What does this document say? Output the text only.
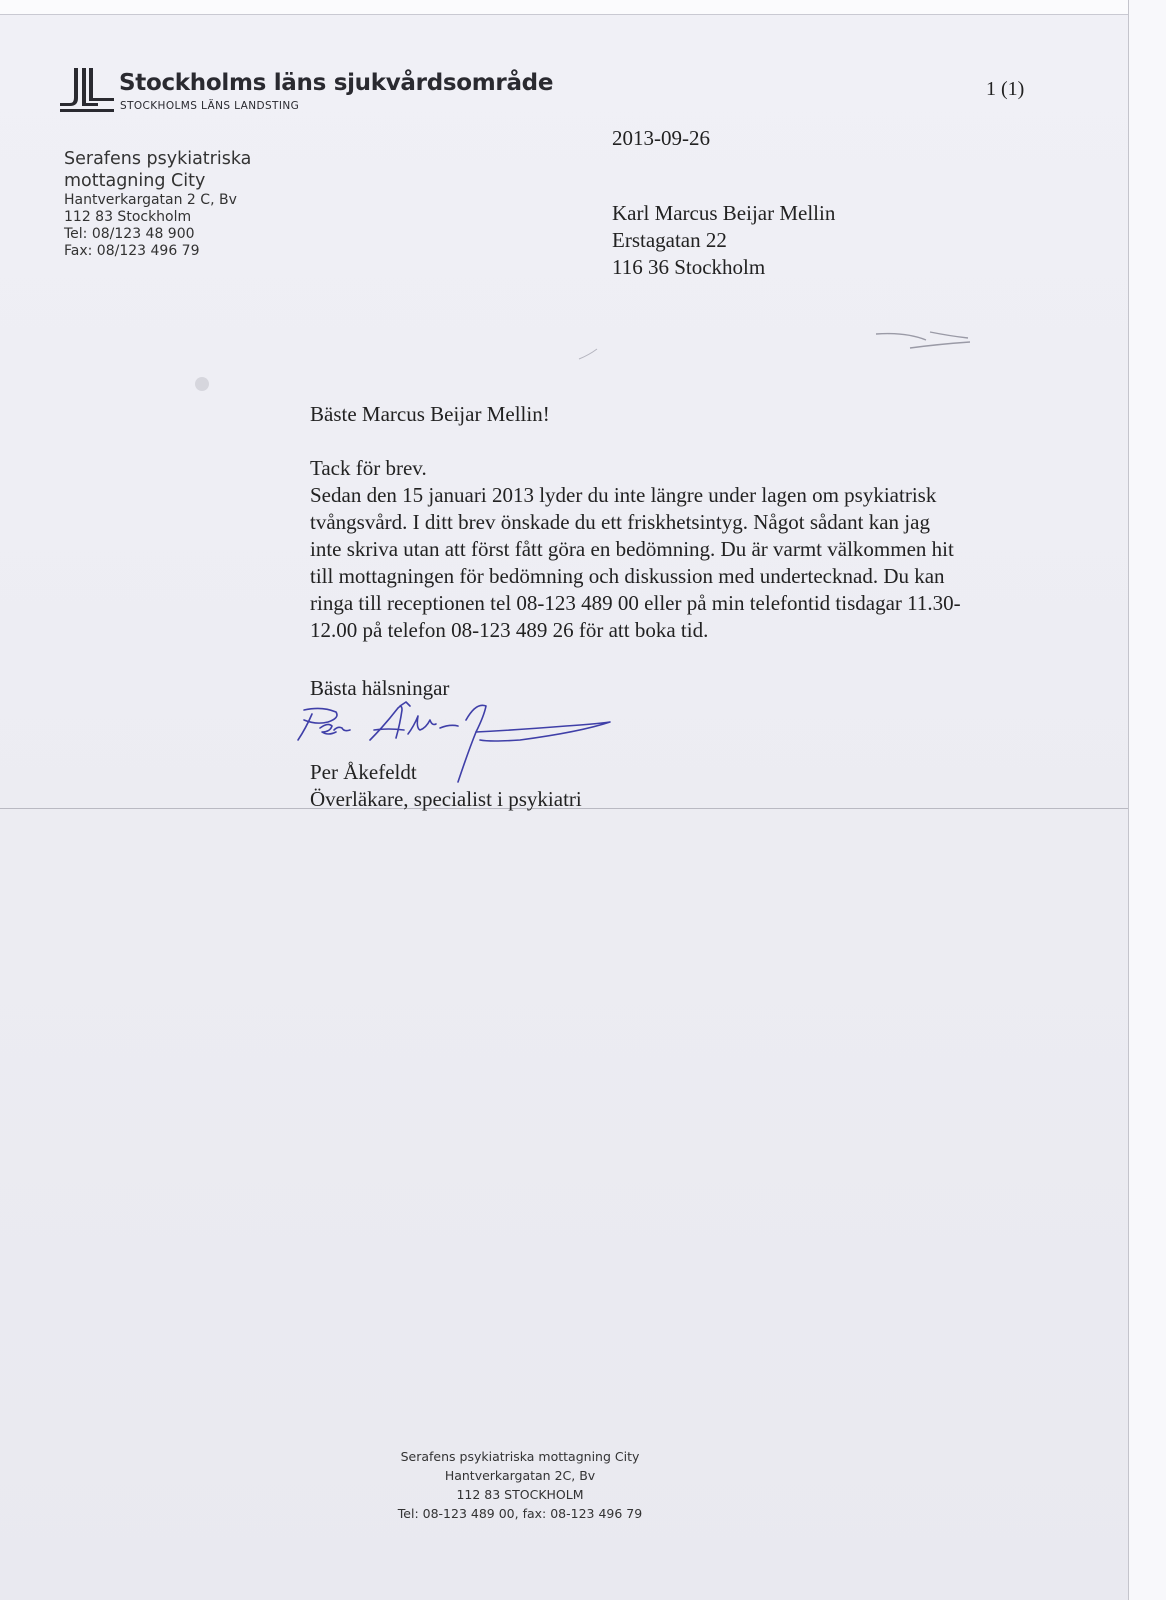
Stockholms läns sjukvårdsområde
STOCKHOLMS LÄNS LANDSTING
1 (1)
Serafens psykiatriska
mottagning City
Hantverkargatan 2 C, Bv
112 83 Stockholm
Tel: 08/123 48 900
Fax: 08/123 496 79
2013-09-26
Karl Marcus Beijar Mellin
Erstagatan 22
116 36 Stockholm

Bäste Marcus Beijar Mellin!

Tack för brev.

Sedan den 15 januari 2013 lyder du inte längre under lagen om psykiatrisk

tvångsvård. I ditt brev önskade du ett friskhetsintyg. Något sådant kan jag

inte skriva utan att först fått göra en bedömning. Du är varmt välkommen hit

till mottagningen för bedömning och diskussion med undertecknad. Du kan

ringa till receptionen tel 08-123 489 00 eller på min telefontid tisdagar 11.30-

12.00 på telefon 08-123 489 26 för att boka tid.

Bästa hälsningar
Per Åkefeldt
Överläkare, specialist i psykiatri
Serafens psykiatriska mottagning City
Hantverkargatan 2C, Bv
112 83 STOCKHOLM
Tel: 08-123 489 00, fax: 08-123 496 79
